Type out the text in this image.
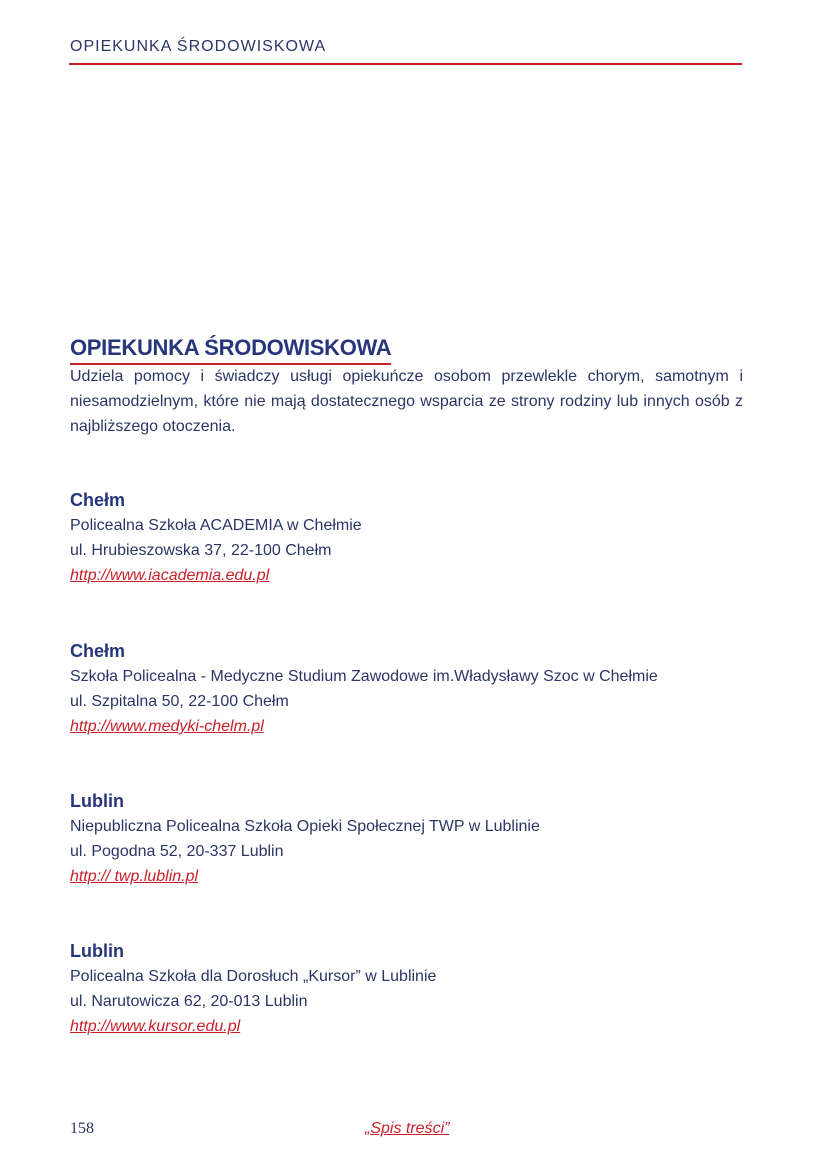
OPIEKUNKA ŚRODOWISKOWA
OPIEKUNKA ŚRODOWISKOWA
Udziela pomocy i świadczy usługi opiekuńcze osobom przewlekle chorym, samotnym i niesamodzielnym, które nie mają dostatecznego wsparcia ze strony rodziny lub innych osób z najbliższego otoczenia.
Chełm
Policealna Szkoła ACADEMIA w Chełmie
ul. Hrubieszowska 37, 22-100 Chełm
http://www.iacademia.edu.pl
Chełm
Szkoła Policealna - Medyczne Studium Zawodowe im.Władysławy Szoc w Chełmie
ul. Szpitalna 50, 22-100 Chełm
http://www.medyki-chelm.pl
Lublin
Niepubliczna Policealna Szkoła Opieki Społecznej TWP w Lublinie
ul. Pogodna 52, 20-337 Lublin
http:// twp.lublin.pl
Lublin
Policealna Szkoła dla Dorosłuch „Kursor” w Lublinie
ul. Narutowicza 62, 20-013 Lublin
http://www.kursor.edu.pl
158	„Spis treści”
